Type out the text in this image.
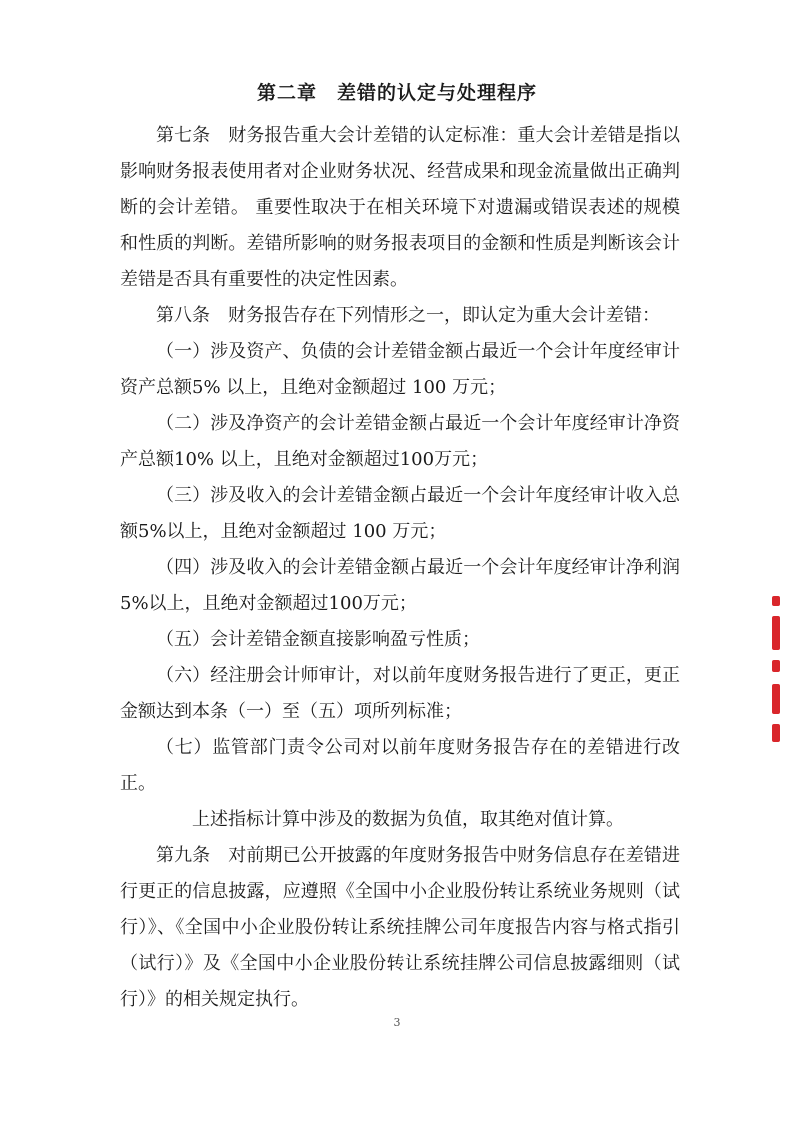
第二章　差错的认定与处理程序

第七条　财务报告重大会计差错的认定标准：重大会计差错是指以影响财务报表使用者对企业财务状况、经营成果和现金流量做出正确判断的会计差错。 重要性取决于在相关环境下对遗漏或错误表述的规模和性质的判断。差错所影响的财务报表项目的金额和性质是判断该会计差错是否具有重要性的决定性因素。

第八条　财务报告存在下列情形之一，即认定为重大会计差错：

（一）涉及资产、负债的会计差错金额占最近一个会计年度经审计资产总额5% 以上，且绝对金额超过 100 万元；

（二）涉及净资产的会计差错金额占最近一个会计年度经审计净资产总额10% 以上，且绝对金额超过100万元；

（三）涉及收入的会计差错金额占最近一个会计年度经审计收入总额5%以上，且绝对金额超过 100 万元；

（四）涉及收入的会计差错金额占最近一个会计年度经审计净利润5%以上，且绝对金额超过100万元；

（五）会计差错金额直接影响盈亏性质；

（六）经注册会计师审计，对以前年度财务报告进行了更正，更正金额达到本条（一）至（五）项所列标准；

（七）监管部门责令公司对以前年度财务报告存在的差错进行改正。

上述指标计算中涉及的数据为负值，取其绝对值计算。

第九条　对前期已公开披露的年度财务报告中财务信息存在差错进行更正的信息披露，应遵照《全国中小企业股份转让系统业务规则（试行）》、《全国中小企业股份转让系统挂牌公司年度报告内容与格式指引（试行）》及《全国中小企业股份转让系统挂牌公司信息披露细则（试行）》的相关规定执行。

3
